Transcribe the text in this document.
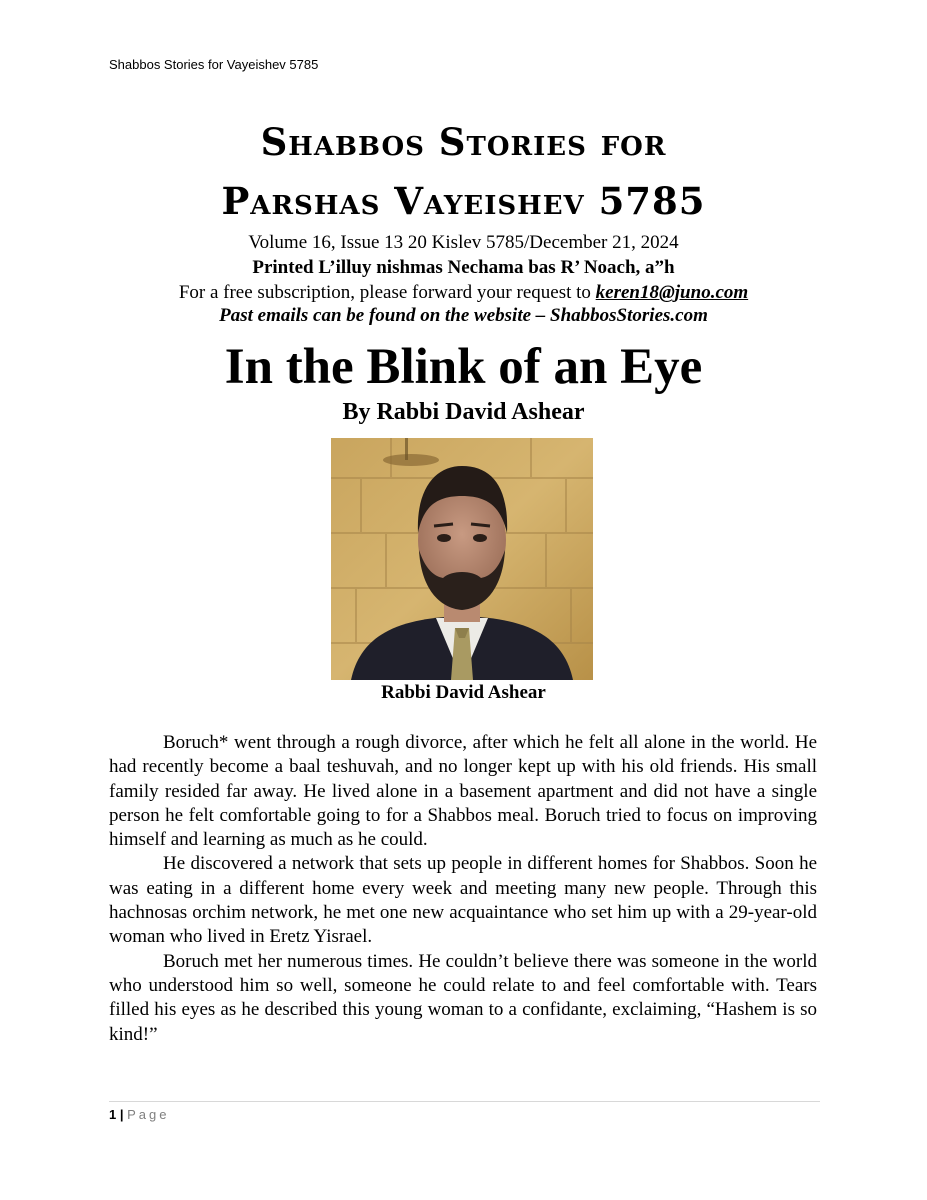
Shabbos Stories for Vayeishev 5785
Shabbos Stories for
Parshas Vayeishev 5785
Volume 16, Issue 13 20 Kislev 5785/December 21, 2024
Printed L’illuy nishmas Nechama bas R’ Noach, a”h
For a free subscription, please forward your request to keren18@juno.com
Past emails can be found on the website – ShabbosStories.com
In the Blink of an Eye
By Rabbi David Ashear
Rabbi David Ashear

Boruch* went through a rough divorce, after which he felt all alone in the world. He had recently become a baal teshuvah, and no longer kept up with his old friends. His small family resided far away. He lived alone in a basement apartment and did not have a single person he felt comfortable going to for a Shabbos meal. Boruch tried to focus on improving himself and learning as much as he could.

He discovered a network that sets up people in different homes for Shabbos. Soon he was eating in a different home every week and meeting many new people. Through this hachnosas orchim network, he met one new acquaintance who set him up with a 29-year-old woman who lived in Eretz Yisrael.

Boruch met her numerous times. He couldn’t believe there was someone in the world who understood him so well, someone he could relate to and feel comfortable with. Tears filled his eyes as he described this young woman to a confidante, exclaiming, “Hashem is so kind!”

1 | Page
